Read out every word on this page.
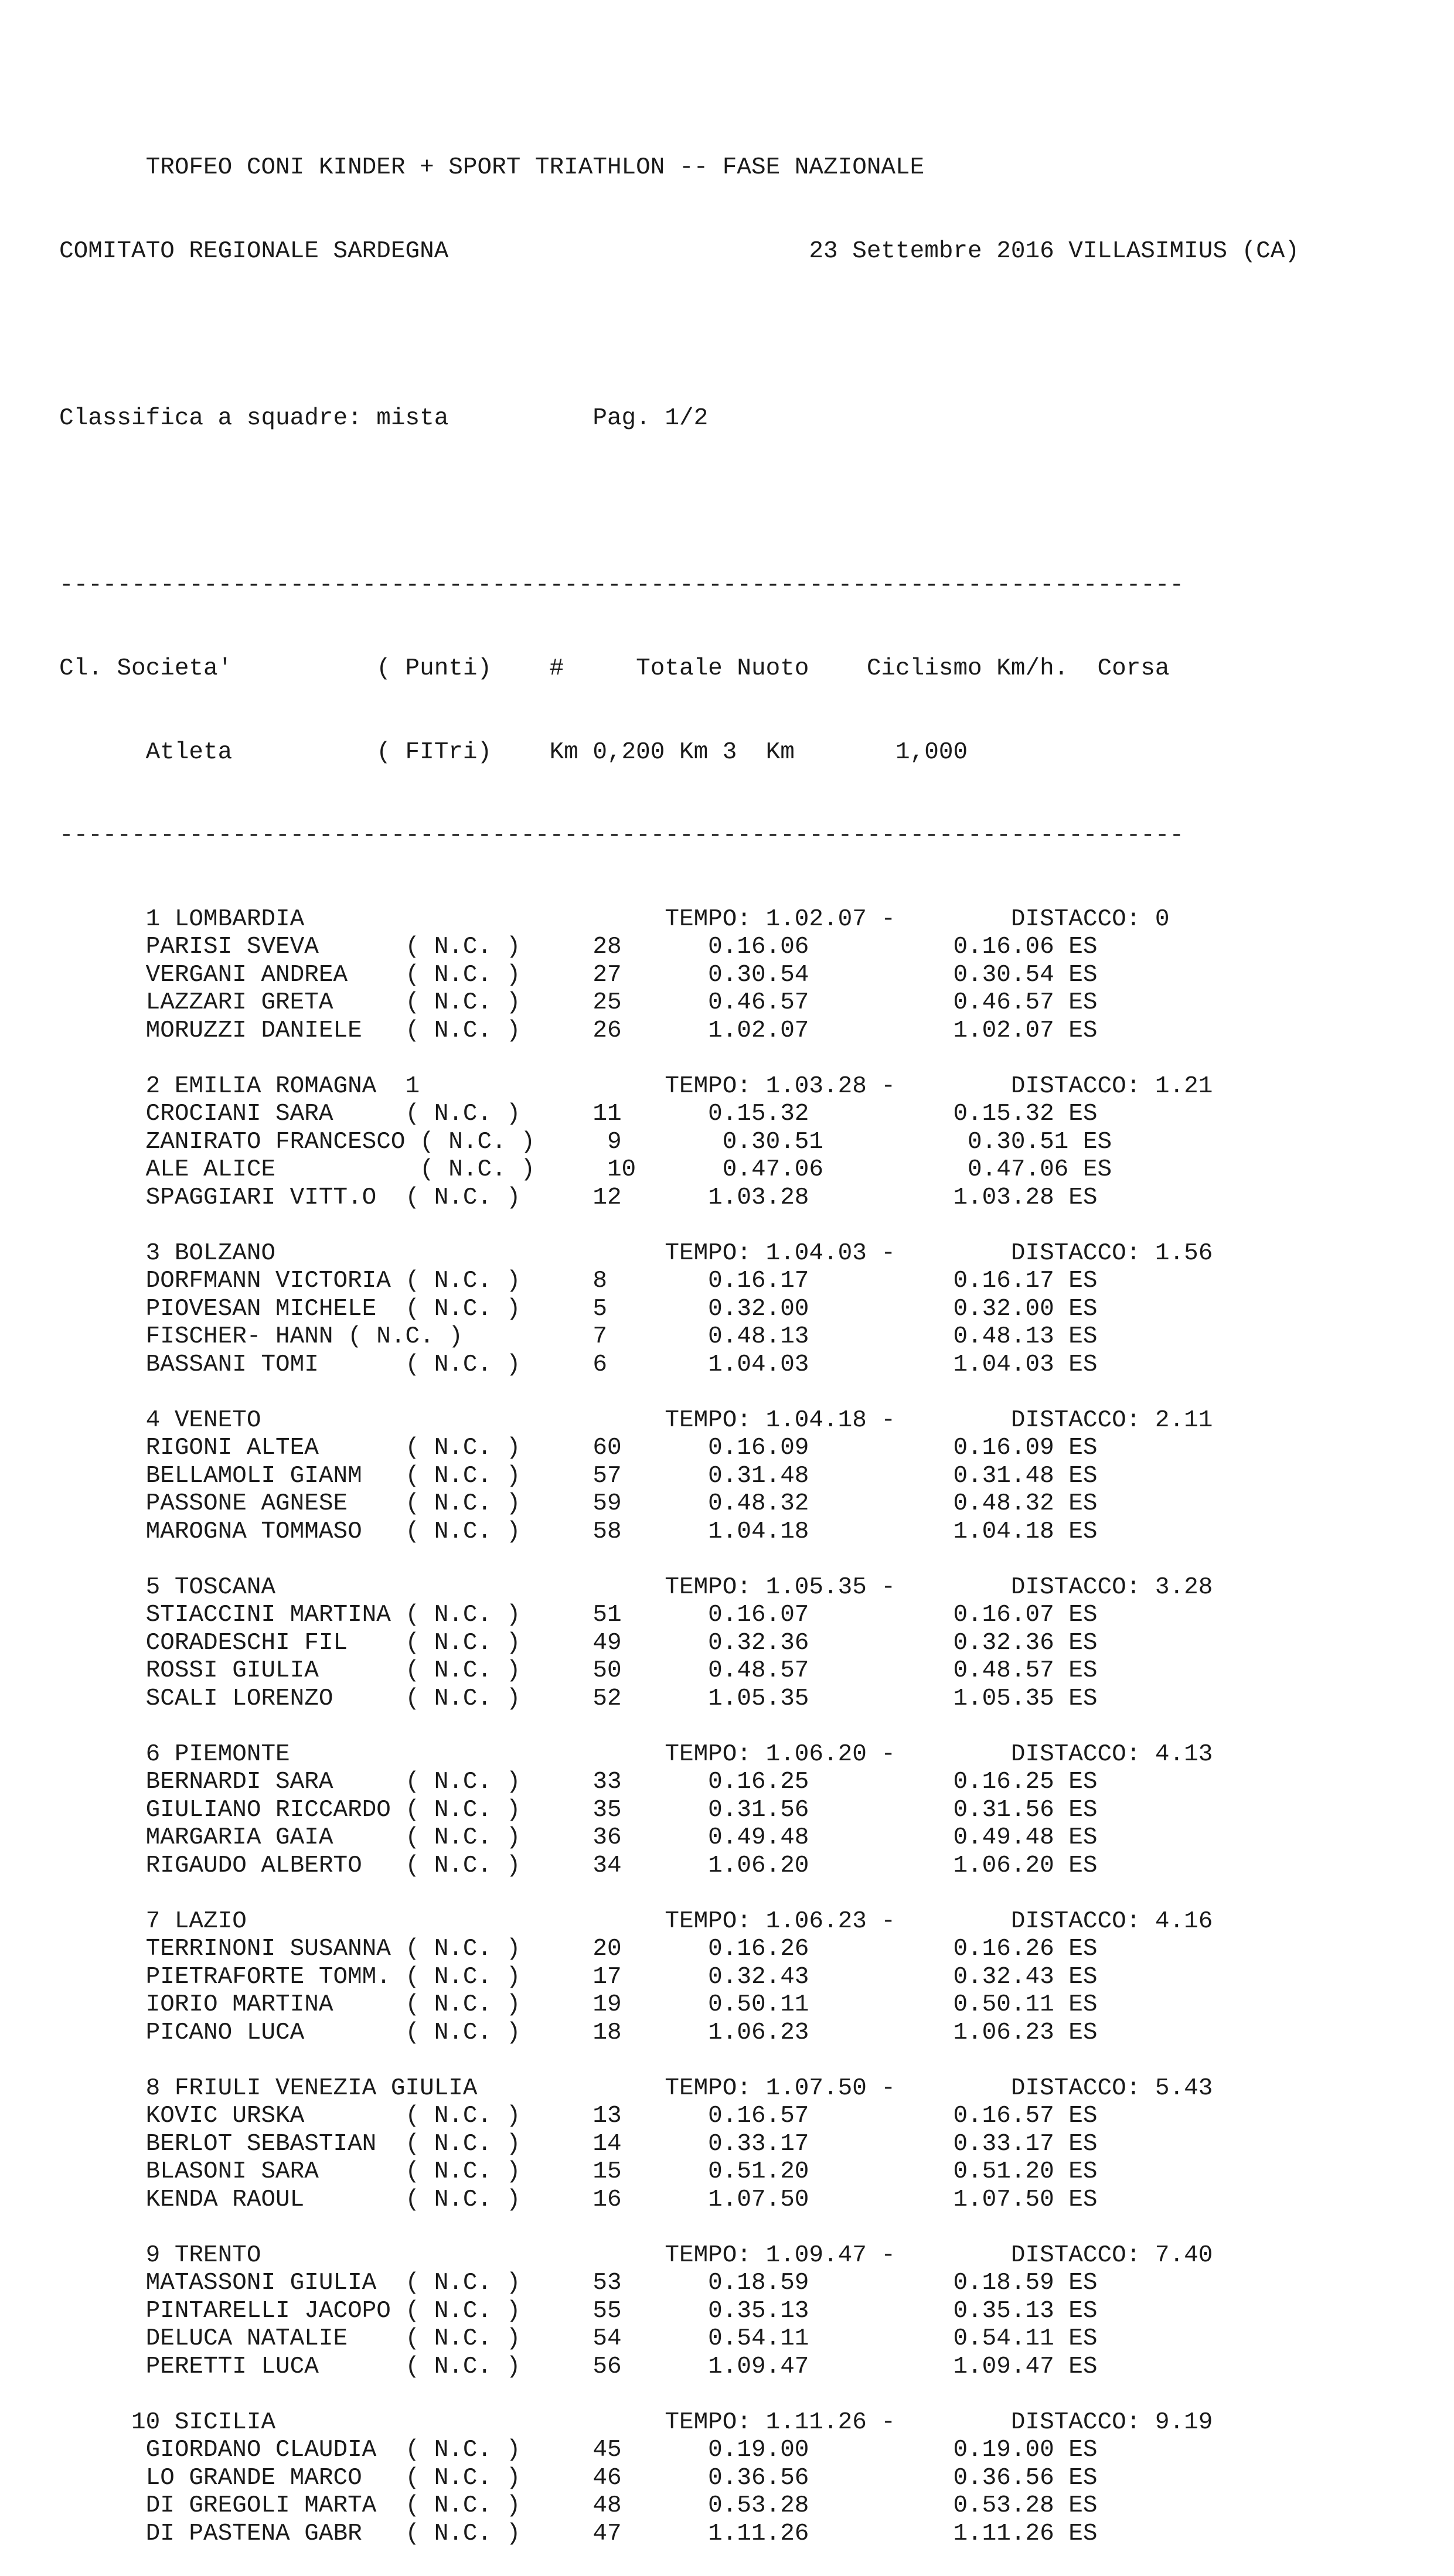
TROFEO CONI KINDER + SPORT TRIATHLON -- FASE NAZIONALE

COMITATO REGIONALE SARDEGNA                         23 Settembre 2016 VILLASIMIUS (CA)

Classifica a squadre: mista          Pag. 1/2

------------------------------------------------------------------------------

Cl. Societa'          ( Punti)    #     Totale Nuoto    Ciclismo Km/h.  Corsa

Atleta          ( FITri)    Km 0,200 Km 3  Km       1,000

------------------------------------------------------------------------------

1 LOMBARDIA                         TEMPO: 1.02.07 -        DISTACCO: 0
PARISI SVEVA      ( N.C. )     28      0.16.06          0.16.06 ES
VERGANI ANDREA    ( N.C. )     27      0.30.54          0.30.54 ES
LAZZARI GRETA     ( N.C. )     25      0.46.57          0.46.57 ES
MORUZZI DANIELE   ( N.C. )     26      1.02.07          1.02.07 ES
2 EMILIA ROMAGNA  1                 TEMPO: 1.03.28 -        DISTACCO: 1.21
CROCIANI SARA     ( N.C. )     11      0.15.32          0.15.32 ES
ZANIRATO FRANCESCO ( N.C. )     9       0.30.51          0.30.51 ES
ALE ALICE          ( N.C. )     10      0.47.06          0.47.06 ES
SPAGGIARI VITT.O  ( N.C. )     12      1.03.28          1.03.28 ES
3 BOLZANO                           TEMPO: 1.04.03 -        DISTACCO: 1.56
DORFMANN VICTORIA ( N.C. )     8       0.16.17          0.16.17 ES
PIOVESAN MICHELE  ( N.C. )     5       0.32.00          0.32.00 ES
FISCHER- HANN ( N.C. )         7       0.48.13          0.48.13 ES
BASSANI TOMI      ( N.C. )     6       1.04.03          1.04.03 ES
4 VENETO                            TEMPO: 1.04.18 -        DISTACCO: 2.11
RIGONI ALTEA      ( N.C. )     60      0.16.09          0.16.09 ES
BELLAMOLI GIANM   ( N.C. )     57      0.31.48          0.31.48 ES
PASSONE AGNESE    ( N.C. )     59      0.48.32          0.48.32 ES
MAROGNA TOMMASO   ( N.C. )     58      1.04.18          1.04.18 ES
5 TOSCANA                           TEMPO: 1.05.35 -        DISTACCO: 3.28
STIACCINI MARTINA ( N.C. )     51      0.16.07          0.16.07 ES
CORADESCHI FIL    ( N.C. )     49      0.32.36          0.32.36 ES
ROSSI GIULIA      ( N.C. )     50      0.48.57          0.48.57 ES
SCALI LORENZO     ( N.C. )     52      1.05.35          1.05.35 ES
6 PIEMONTE                          TEMPO: 1.06.20 -        DISTACCO: 4.13
BERNARDI SARA     ( N.C. )     33      0.16.25          0.16.25 ES
GIULIANO RICCARDO ( N.C. )     35      0.31.56          0.31.56 ES
MARGARIA GAIA     ( N.C. )     36      0.49.48          0.49.48 ES
RIGAUDO ALBERTO   ( N.C. )     34      1.06.20          1.06.20 ES
7 LAZIO                             TEMPO: 1.06.23 -        DISTACCO: 4.16
TERRINONI SUSANNA ( N.C. )     20      0.16.26          0.16.26 ES
PIETRAFORTE TOMM. ( N.C. )     17      0.32.43          0.32.43 ES
IORIO MARTINA     ( N.C. )     19      0.50.11          0.50.11 ES
PICANO LUCA       ( N.C. )     18      1.06.23          1.06.23 ES
8 FRIULI VENEZIA GIULIA             TEMPO: 1.07.50 -        DISTACCO: 5.43
KOVIC URSKA       ( N.C. )     13      0.16.57          0.16.57 ES
BERLOT SEBASTIAN  ( N.C. )     14      0.33.17          0.33.17 ES
BLASONI SARA      ( N.C. )     15      0.51.20          0.51.20 ES
KENDA RAOUL       ( N.C. )     16      1.07.50          1.07.50 ES
9 TRENTO                            TEMPO: 1.09.47 -        DISTACCO: 7.40
MATASSONI GIULIA  ( N.C. )     53      0.18.59          0.18.59 ES
PINTARELLI JACOPO ( N.C. )     55      0.35.13          0.35.13 ES
DELUCA NATALIE    ( N.C. )     54      0.54.11          0.54.11 ES
PERETTI LUCA      ( N.C. )     56      1.09.47          1.09.47 ES
10 SICILIA                           TEMPO: 1.11.26 -        DISTACCO: 9.19
GIORDANO CLAUDIA  ( N.C. )     45      0.19.00          0.19.00 ES
LO GRANDE MARCO   ( N.C. )     46      0.36.56          0.36.56 ES
DI GREGOLI MARTA  ( N.C. )     48      0.53.28          0.53.28 ES
DI PASTENA GABR   ( N.C. )     47      1.11.26          1.11.26 ES
